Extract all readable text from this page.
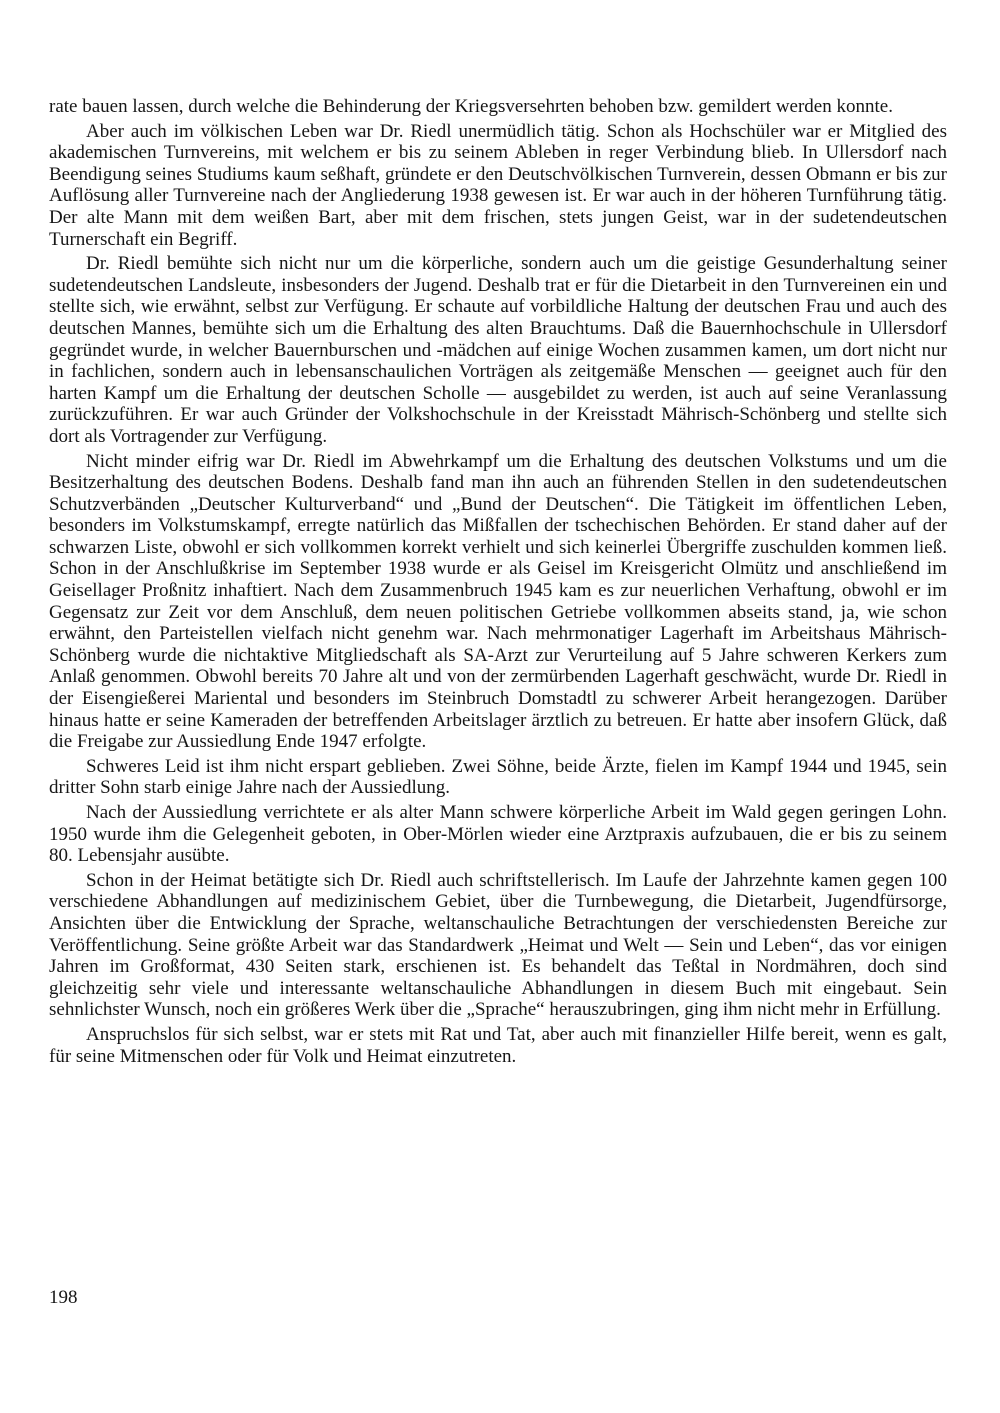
rate bauen lassen, durch welche die Behinderung der Kriegsversehrten behoben bzw. gemildert werden konnte.

Aber auch im völkischen Leben war Dr. Riedl unermüdlich tätig. Schon als Hochschüler war er Mitglied des akademischen Turnvereins, mit welchem er bis zu seinem Ableben in reger Verbindung blieb. In Ullersdorf nach Beendigung seines Studiums kaum seßhaft, gründete er den Deutschvölkischen Turnverein, dessen Obmann er bis zur Auflösung aller Turnvereine nach der Angliederung 1938 gewesen ist. Er war auch in der höheren Turnführung tätig. Der alte Mann mit dem weißen Bart, aber mit dem frischen, stets jungen Geist, war in der sudetendeutschen Turnerschaft ein Begriff.

Dr. Riedl bemühte sich nicht nur um die körperliche, sondern auch um die geistige Gesunderhaltung seiner sudetendeutschen Landsleute, insbesonders der Jugend. Deshalb trat er für die Dietarbeit in den Turnvereinen ein und stellte sich, wie erwähnt, selbst zur Verfügung. Er schaute auf vorbildliche Haltung der deutschen Frau und auch des deutschen Mannes, bemühte sich um die Erhaltung des alten Brauchtums. Daß die Bauernhochschule in Ullersdorf gegründet wurde, in welcher Bauernburschen und -mädchen auf einige Wochen zusammen kamen, um dort nicht nur in fachlichen, sondern auch in lebensanschaulichen Vorträgen als zeitgemäße Menschen — geeignet auch für den harten Kampf um die Erhaltung der deutschen Scholle — ausgebildet zu werden, ist auch auf seine Veranlassung zurückzuführen. Er war auch Gründer der Volkshochschule in der Kreisstadt Mährisch-Schönberg und stellte sich dort als Vortragender zur Verfügung.

Nicht minder eifrig war Dr. Riedl im Abwehrkampf um die Erhaltung des deutschen Volkstums und um die Besitzerhaltung des deutschen Bodens. Deshalb fand man ihn auch an führenden Stellen in den sudetendeutschen Schutzverbänden „Deutscher Kulturverband“ und „Bund der Deutschen“. Die Tätigkeit im öffentlichen Leben, besonders im Volkstumskampf, erregte natürlich das Mißfallen der tschechischen Behörden. Er stand daher auf der schwarzen Liste, obwohl er sich vollkommen korrekt verhielt und sich keinerlei Übergriffe zuschulden kommen ließ. Schon in der Anschlußkrise im September 1938 wurde er als Geisel im Kreisgericht Olmütz und anschließend im Geisellager Proßnitz inhaftiert. Nach dem Zusammenbruch 1945 kam es zur neuerlichen Verhaftung, obwohl er im Gegensatz zur Zeit vor dem Anschluß, dem neuen politischen Getriebe vollkommen abseits stand, ja, wie schon erwähnt, den Parteistellen vielfach nicht genehm war. Nach mehrmonatiger Lagerhaft im Arbeitshaus Mährisch-Schönberg wurde die nichtaktive Mitgliedschaft als SA-Arzt zur Verurteilung auf 5 Jahre schweren Kerkers zum Anlaß genommen. Obwohl bereits 70 Jahre alt und von der zermürbenden Lagerhaft geschwächt, wurde Dr. Riedl in der Eisengießerei Mariental und besonders im Steinbruch Domstadtl zu schwerer Arbeit herangezogen. Darüber hinaus hatte er seine Kameraden der betreffenden Arbeitslager ärztlich zu betreuen. Er hatte aber insofern Glück, daß die Freigabe zur Aussiedlung Ende 1947 erfolgte.

Schweres Leid ist ihm nicht erspart geblieben. Zwei Söhne, beide Ärzte, fielen im Kampf 1944 und 1945, sein dritter Sohn starb einige Jahre nach der Aussiedlung.

Nach der Aussiedlung verrichtete er als alter Mann schwere körperliche Arbeit im Wald gegen geringen Lohn. 1950 wurde ihm die Gelegenheit geboten, in Ober-Mörlen wieder eine Arztpraxis aufzubauen, die er bis zu seinem 80. Lebensjahr ausübte.

Schon in der Heimat betätigte sich Dr. Riedl auch schriftstellerisch. Im Laufe der Jahrzehnte kamen gegen 100 verschiedene Abhandlungen auf medizinischem Gebiet, über die Turnbewegung, die Dietarbeit, Jugendfürsorge, Ansichten über die Entwicklung der Sprache, weltanschauliche Betrachtungen der verschiedensten Bereiche zur Veröffentlichung. Seine größte Arbeit war das Standardwerk „Heimat und Welt — Sein und Leben“, das vor einigen Jahren im Großformat, 430 Seiten stark, erschienen ist. Es behandelt das Teßtal in Nordmähren, doch sind gleichzeitig sehr viele und interessante weltanschauliche Abhandlungen in diesem Buch mit eingebaut. Sein sehnlichster Wunsch, noch ein größeres Werk über die „Sprache“ herauszubringen, ging ihm nicht mehr in Erfüllung.

Anspruchslos für sich selbst, war er stets mit Rat und Tat, aber auch mit finanzieller Hilfe bereit, wenn es galt, für seine Mitmenschen oder für Volk und Heimat einzutreten.

198
